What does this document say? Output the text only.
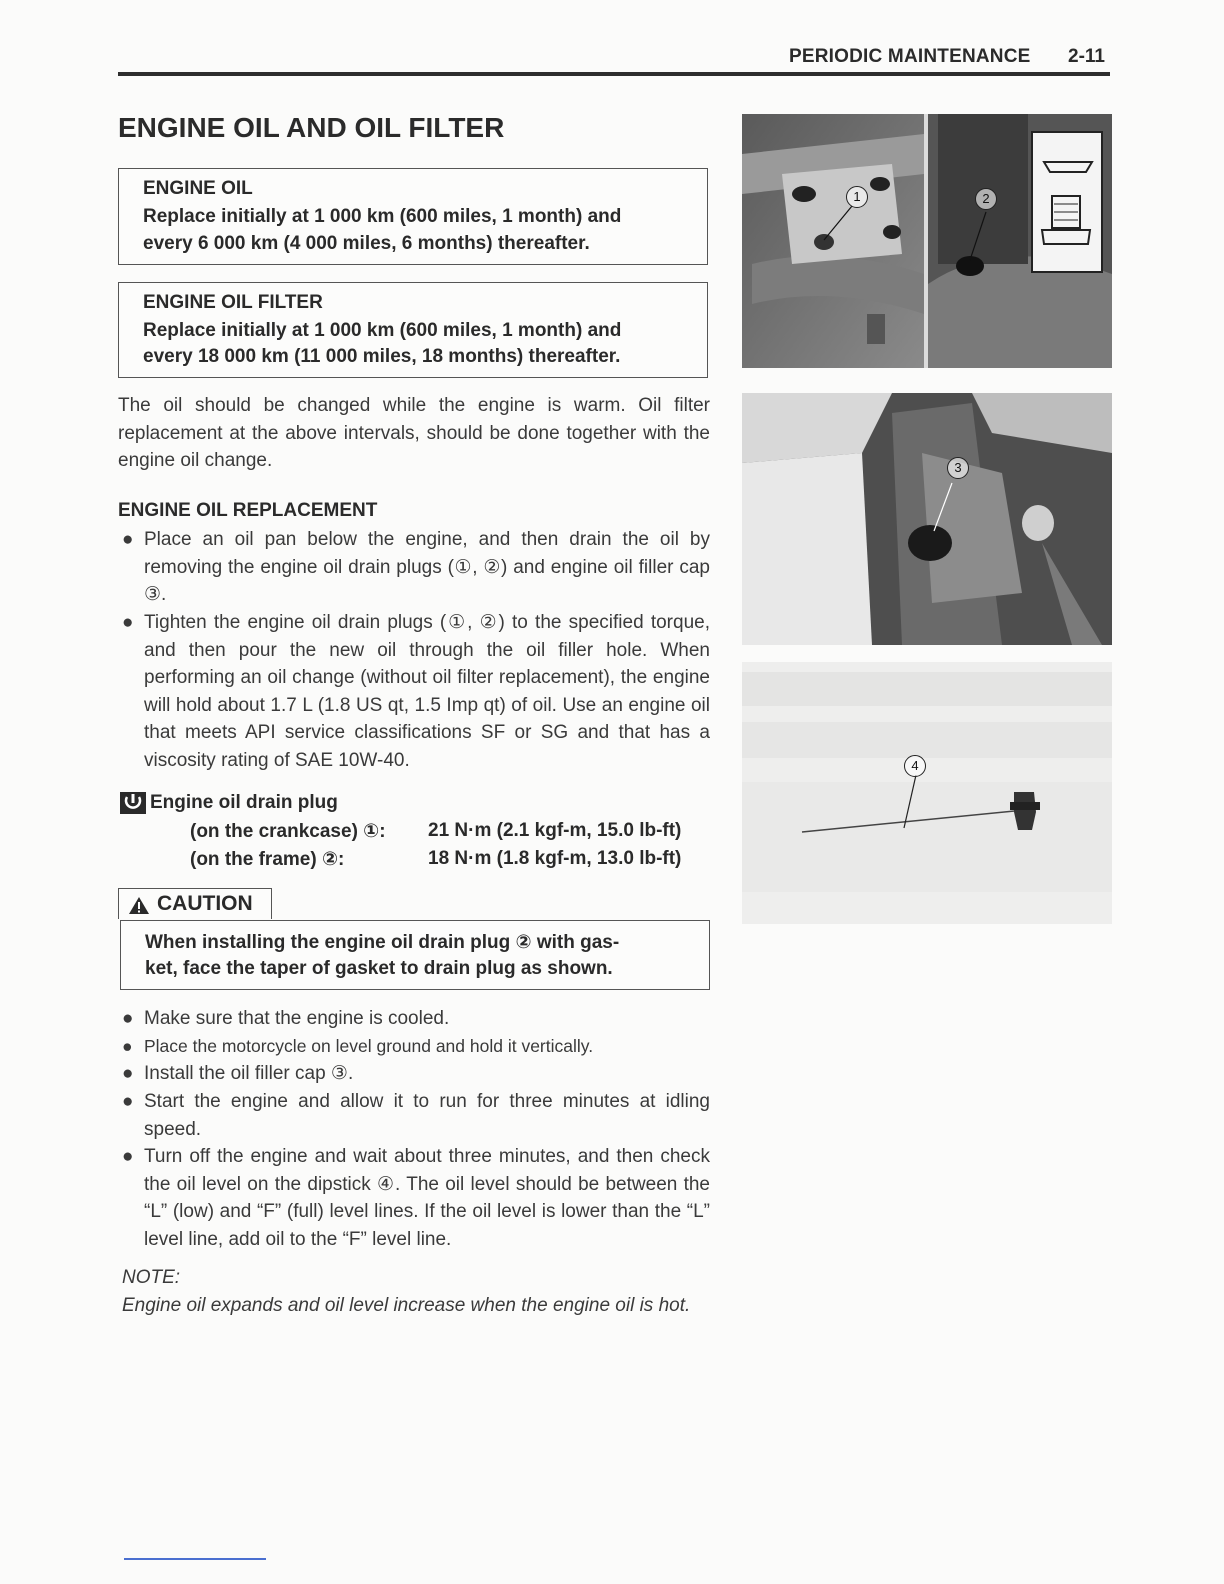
PERIODIC MAINTENANCE 2-11
ENGINE OIL AND OIL FILTER
ENGINE OIL
Replace initially at 1 000 km (600 miles, 1 month) and
every 6 000 km (4 000 miles, 6 months) thereafter.
ENGINE OIL FILTER
Replace initially at 1 000 km (600 miles, 1 month) and
every 18 000 km (11 000 miles, 18 months) thereafter.
The oil should be changed while the engine is warm. Oil filter replacement at the above intervals, should be done together with the engine oil change.
ENGINE OIL REPLACEMENT
● Place an oil pan below the engine, and then drain the oil by removing the engine oil drain plugs (①, ②) and engine oil filler cap ③.
● Tighten the engine oil drain plugs (①, ②) to the specified torque, and then pour the new oil through the oil filler hole. When performing an oil change (without oil filter replacement), the engine will hold about 1.7 L (1.8 US qt, 1.5 Imp qt) of oil. Use an engine oil that meets API service classifications SF or SG and that has a viscosity rating of SAE 10W-40.
Engine oil drain plug
(on the crankcase) ①: 21 N·m (2.1 kgf-m, 15.0 lb-ft)
(on the frame) ②:	18 N·m (1.8 kgf-m, 13.0 lb-ft)
CAUTION
When installing the engine oil drain plug ② with gas-
ket, face the taper of gasket to drain plug as shown.
● Make sure that the engine is cooled.
● Place the motorcycle on level ground and hold it vertically.
● Install the oil filler cap ③.
● Start the engine and allow it to run for three minutes at idling speed.
● Turn off the engine and wait about three minutes, and then check the oil level on the dipstick ④. The oil level should be between the “L” (low) and “F” (full) level lines. If the oil level is lower than the “L” level line, add oil to the “F” level line.
NOTE:
Engine oil expands and oil level increase when the engine oil is hot.
1	2
3
4
